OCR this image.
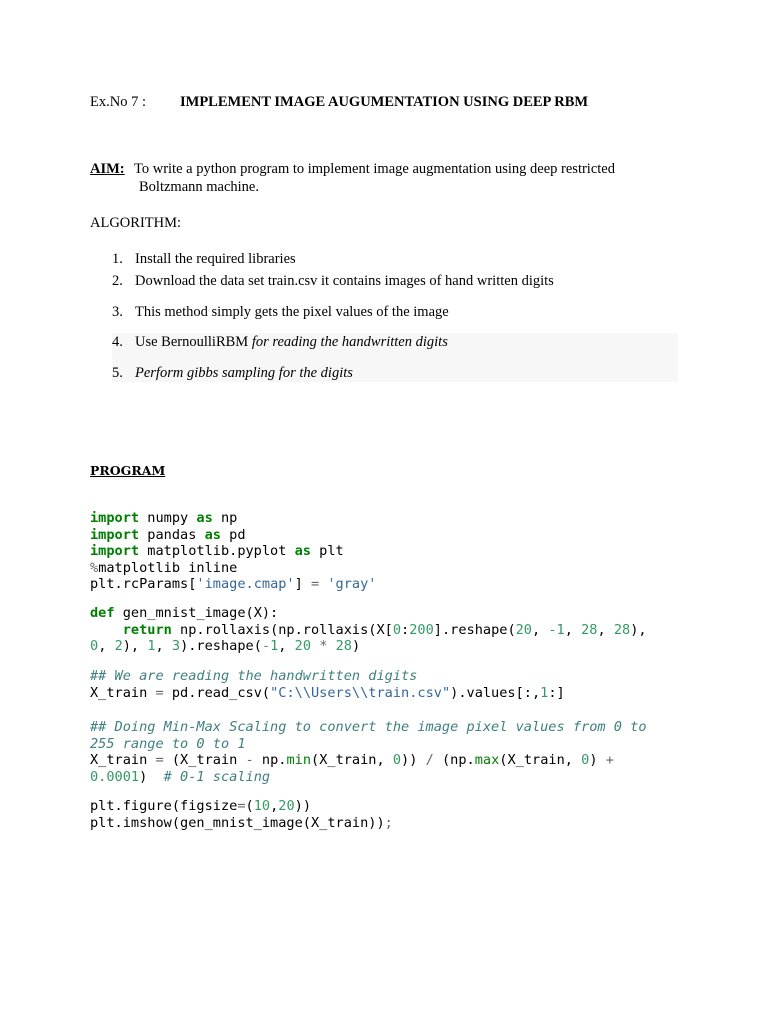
Ex.No 7 : IMPLEMENT IMAGE AUGUMENTATION USING DEEP RBM
AIM: To write a python program to implement image augmentation using deep restricted
Boltzmann machine.
ALGORITHM:
1. Install the required libraries
2. Download the data set train.csv it contains images of hand written digits
3. This method simply gets the pixel values of the image
4. Use BernoulliRBM for reading the handwritten digits
5. Perform gibbs sampling for the digits
PROGRAM
import numpy as np
import pandas as pd
import matplotlib.pyplot as plt
%matplotlib inline
plt.rcParams['image.cmap'] = 'gray'
def gen_mnist_image(X):
return np.rollaxis(np.rollaxis(X[0:200].reshape(20, -1, 28, 28),
0, 2), 1, 3).reshape(-1, 20 * 28)
## We are reading the handwritten digits
X_train = pd.read_csv("C:\\Users\\train.csv").values[:,1:]
## Doing Min-Max Scaling to convert the image pixel values from 0 to
255 range to 0 to 1
X_train = (X_train - np.min(X_train, 0)) / (np.max(X_train, 0) +
0.0001)  # 0-1 scaling
plt.figure(figsize=(10,20))
plt.imshow(gen_mnist_image(X_train));
